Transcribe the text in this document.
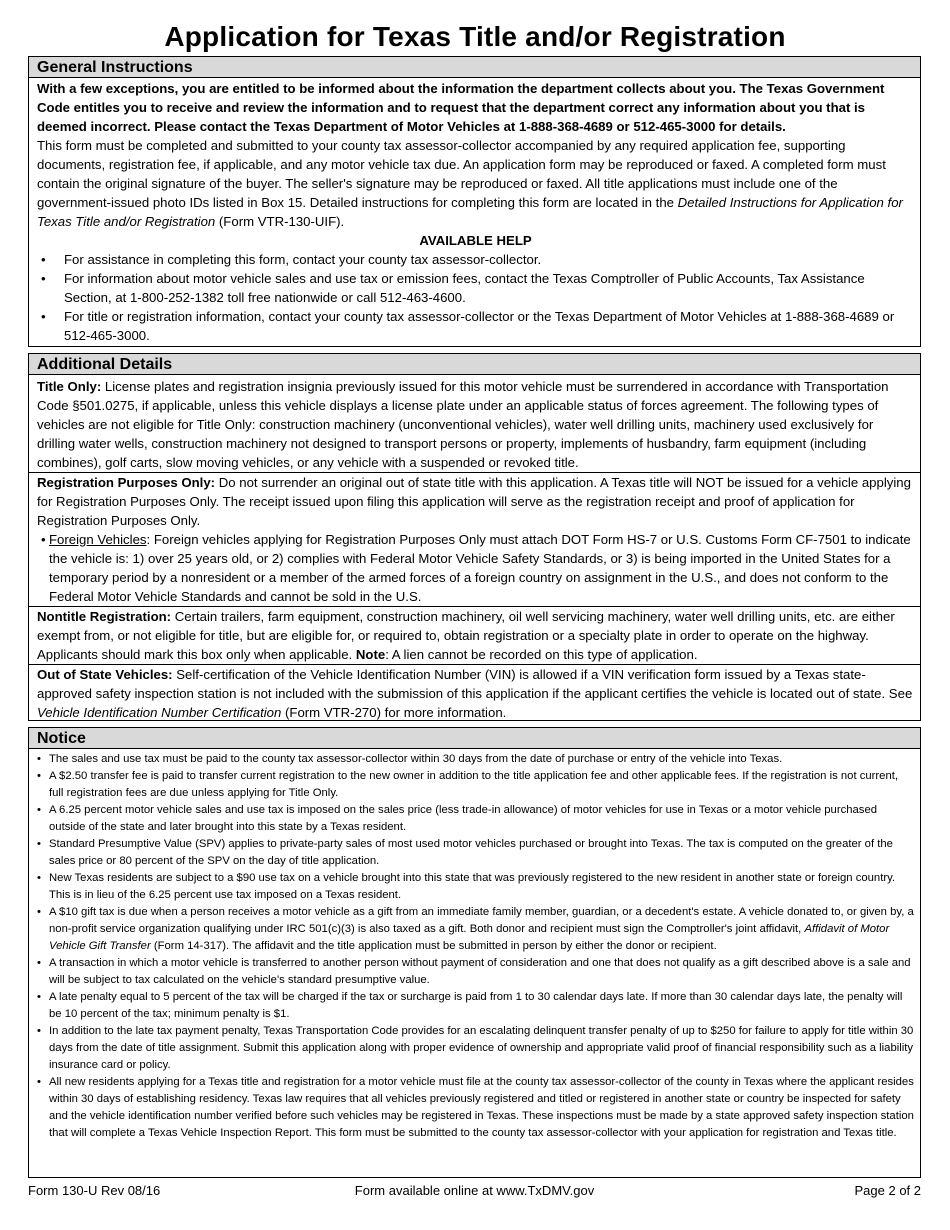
Application for Texas Title and/or Registration
General Instructions
With a few exceptions, you are entitled to be informed about the information the department collects about you. The Texas Government Code entitles you to receive and review the information and to request that the department correct any information about you that is deemed incorrect. Please contact the Texas Department of Motor Vehicles at 1-888-368-4689 or 512-465-3000 for details.
This form must be completed and submitted to your county tax assessor-collector accompanied by any required application fee, supporting documents, registration fee, if applicable, and any motor vehicle tax due. An application form may be reproduced or faxed. A completed form must contain the original signature of the buyer. The seller's signature may be reproduced or faxed. All title applications must include one of the government-issued photo IDs listed in Box 15. Detailed instructions for completing this form are located in the Detailed Instructions for Application for Texas Title and/or Registration (Form VTR-130-UIF).
AVAILABLE HELP
• For assistance in completing this form, contact your county tax assessor-collector.
• For information about motor vehicle sales and use tax or emission fees, contact the Texas Comptroller of Public Accounts, Tax Assistance Section, at 1-800-252-1382 toll free nationwide or call 512-463-4600.
• For title or registration information, contact your county tax assessor-collector or the Texas Department of Motor Vehicles at 1-888-368-4689 or 512-465-3000.
Additional Details
Title Only: License plates and registration insignia previously issued for this motor vehicle must be surrendered in accordance with Transportation Code §501.0275, if applicable, unless this vehicle displays a license plate under an applicable status of forces agreement. The following types of vehicles are not eligible for Title Only: construction machinery (unconventional vehicles), water well drilling units, machinery used exclusively for drilling water wells, construction machinery not designed to transport persons or property, implements of husbandry, farm equipment (including combines), golf carts, slow moving vehicles, or any vehicle with a suspended or revoked title.
Registration Purposes Only: Do not surrender an original out of state title with this application. A Texas title will NOT be issued for a vehicle applying for Registration Purposes Only. The receipt issued upon filing this application will serve as the registration receipt and proof of application for Registration Purposes Only.
• Foreign Vehicles: Foreign vehicles applying for Registration Purposes Only must attach DOT Form HS-7 or U.S. Customs Form CF-7501 to indicate the vehicle is: 1) over 25 years old, or 2) complies with Federal Motor Vehicle Safety Standards, or 3) is being imported in the United States for a temporary period by a nonresident or a member of the armed forces of a foreign country on assignment in the U.S., and does not conform to the Federal Motor Vehicle Standards and cannot be sold in the U.S.
Nontitle Registration: Certain trailers, farm equipment, construction machinery, oil well servicing machinery, water well drilling units, etc. are either exempt from, or not eligible for title, but are eligible for, or required to, obtain registration or a specialty plate in order to operate on the highway. Applicants should mark this box only when applicable. Note: A lien cannot be recorded on this type of application.
Out of State Vehicles: Self-certification of the Vehicle Identification Number (VIN) is allowed if a VIN verification form issued by a Texas state-approved safety inspection station is not included with the submission of this application if the applicant certifies the vehicle is located out of state. See Vehicle Identification Number Certification (Form VTR-270) for more information.
Notice
• The sales and use tax must be paid to the county tax assessor-collector within 30 days from the date of purchase or entry of the vehicle into Texas.
• A $2.50 transfer fee is paid to transfer current registration to the new owner in addition to the title application fee and other applicable fees. If the registration is not current, full registration fees are due unless applying for Title Only.
• A 6.25 percent motor vehicle sales and use tax is imposed on the sales price (less trade-in allowance) of motor vehicles for use in Texas or a motor vehicle purchased outside of the state and later brought into this state by a Texas resident.
• Standard Presumptive Value (SPV) applies to private-party sales of most used motor vehicles purchased or brought into Texas. The tax is computed on the greater of the sales price or 80 percent of the SPV on the day of title application.
• New Texas residents are subject to a $90 use tax on a vehicle brought into this state that was previously registered to the new resident in another state or foreign country. This is in lieu of the 6.25 percent use tax imposed on a Texas resident.
• A $10 gift tax is due when a person receives a motor vehicle as a gift from an immediate family member, guardian, or a decedent's estate. A vehicle donated to, or given by, a non-profit service organization qualifying under IRC 501(c)(3) is also taxed as a gift. Both donor and recipient must sign the Comptroller's joint affidavit, Affidavit of Motor Vehicle Gift Transfer (Form 14-317). The affidavit and the title application must be submitted in person by either the donor or recipient.
• A transaction in which a motor vehicle is transferred to another person without payment of consideration and one that does not qualify as a gift described above is a sale and will be subject to tax calculated on the vehicle's standard presumptive value.
• A late penalty equal to 5 percent of the tax will be charged if the tax or surcharge is paid from 1 to 30 calendar days late. If more than 30 calendar days late, the penalty will be 10 percent of the tax; minimum penalty is $1.
• In addition to the late tax payment penalty, Texas Transportation Code provides for an escalating delinquent transfer penalty of up to $250 for failure to apply for title within 30 days from the date of title assignment. Submit this application along with proper evidence of ownership and appropriate valid proof of financial responsibility such as a liability insurance card or policy.
• All new residents applying for a Texas title and registration for a motor vehicle must file at the county tax assessor-collector of the county in Texas where the applicant resides within 30 days of establishing residency. Texas law requires that all vehicles previously registered and titled or registered in another state or country be inspected for safety and the vehicle identification number verified before such vehicles may be registered in Texas. These inspections must be made by a state approved safety inspection station that will complete a Texas Vehicle Inspection Report. This form must be submitted to the county tax assessor-collector with your application for registration and Texas title.
Form 130-U Rev 08/16	Form available online at www.TxDMV.gov	Page 2 of 2
